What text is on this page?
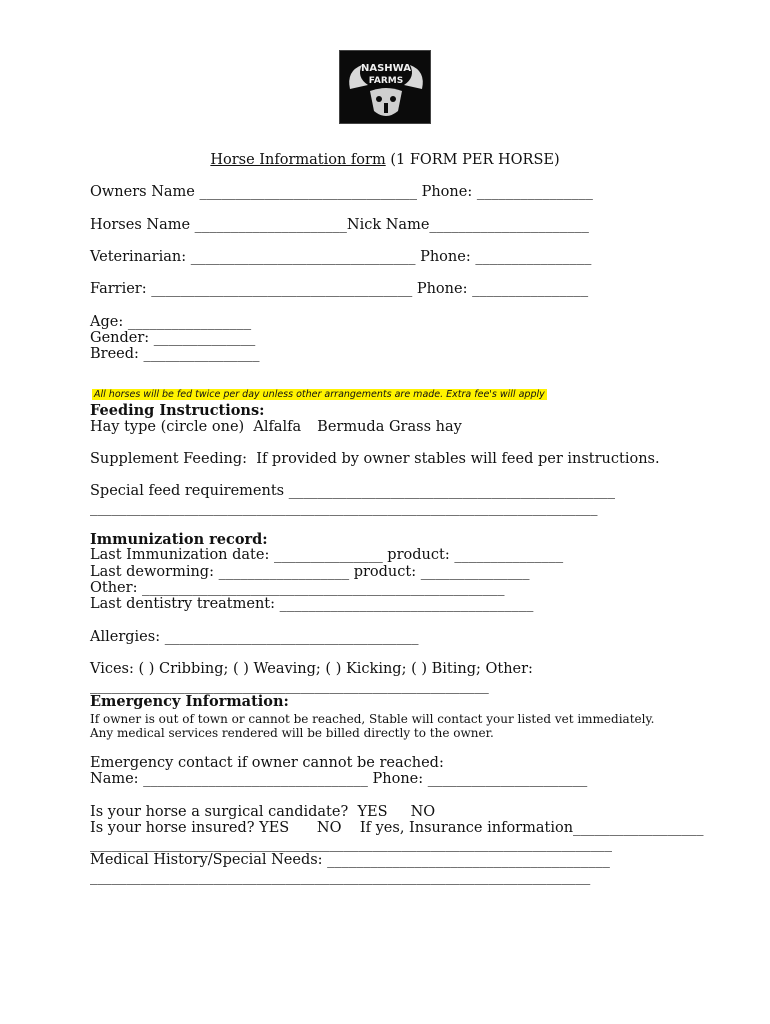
NASHWA
FARMS
Horse Information form (1 FORM PER HORSE)
Owners Name ______________________________ Phone: ________________
Horses Name _____________________Nick Name______________________
Veterinarian: _______________________________ Phone: ________________
Farrier: ____________________________________ Phone: ________________
Age: _________________
Gender: ______________
Breed: ________________
All horses will be fed twice per day unless other arrangements are made. Extra fee's will apply
Feeding Instructions:
Hay type (circle one)  Alfalfa Bermuda Grass hay
Supplement Feeding:  If provided by owner stables will feed per instructions.
Special feed requirements _____________________________________________
______________________________________________________________________
Immunization record:
Last Immunization date: _______________ product: _______________
Last deworming: __________________ product: _______________
Other: __________________________________________________
Last dentistry treatment: ___________________________________
Allergies: ___________________________________
Vices: ( ) Cribbing; ( ) Weaving; ( ) Kicking; ( ) Biting; Other:
_______________________________________________________
Emergency Information:
If owner is out of town or cannot be reached, Stable will contact your listed vet immediately.
Any medical services rendered will be billed directly to the owner.
Emergency contact if owner cannot be reached:
Name: _______________________________ Phone: ______________________
Is your horse a surgical candidate?  YES     NO
Is your horse insured? YES      NO    If yes, Insurance information__________________
________________________________________________________________________
Medical History/Special Needs: _______________________________________
_____________________________________________________________________
